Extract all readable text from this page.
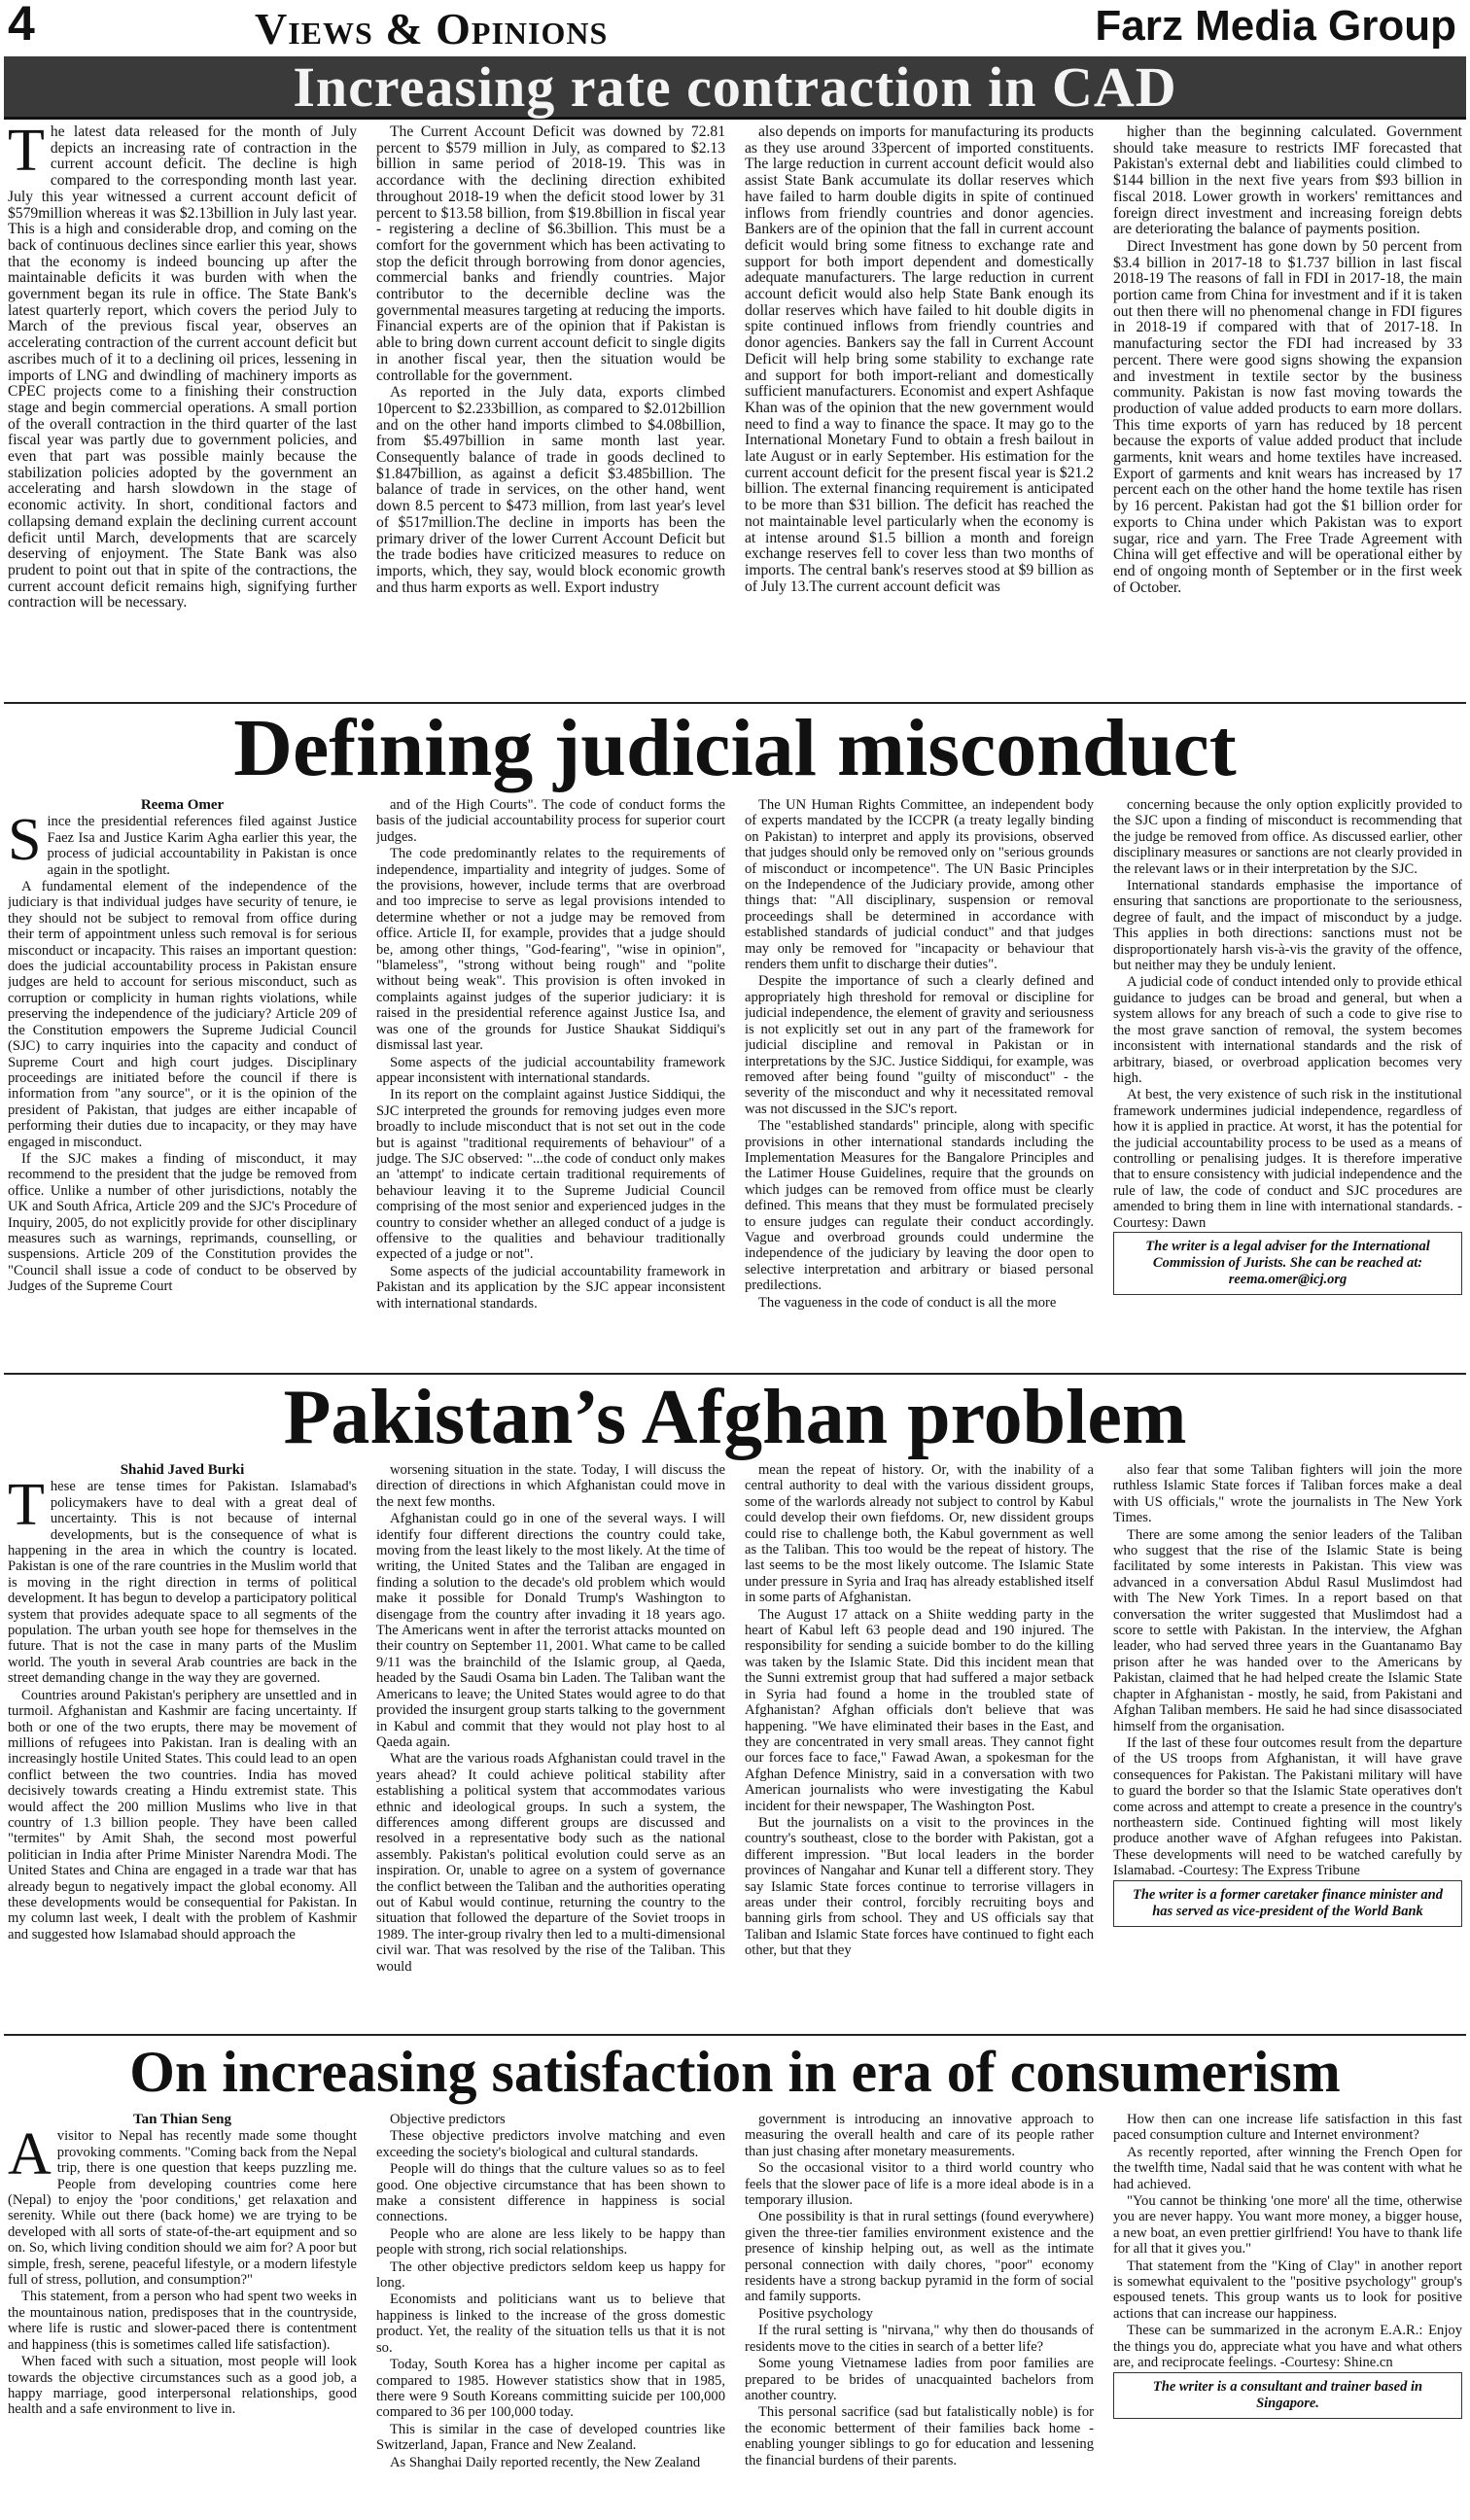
4	Views & Opinions	Farz Media Group
Increasing rate contraction in CAD

The latest data released for the month of July depicts an increasing rate of contraction in the current account deficit. The decline is high compared to the corresponding month last year. July this year witnessed a current account deficit of $579million whereas it was $2.13billion in July last year. This is a high and considerable drop, and coming on the back of continuous declines since earlier this year, shows that the economy is indeed bouncing up after the maintainable deficits it was burden with when the government began its rule in office. The State Bank's latest quarterly report, which covers the period July to March of the previous fiscal year, observes an accelerating contraction of the current account deficit but ascribes much of it to a declining oil prices, lessening in imports of LNG and dwindling of machinery imports as CPEC projects come to a finishing their construction stage and begin commercial operations. A small portion of the overall contraction in the third quarter of the last fiscal year was partly due to government policies, and even that part was possible mainly because the stabilization policies adopted by the government an accelerating and harsh slowdown in the stage of economic activity. In short, conditional factors and collapsing demand explain the declining current account deficit until March, developments that are scarcely deserving of enjoyment. The State Bank was also prudent to point out that in spite of the contractions, the current account deficit remains high, signifying further contraction will be necessary.

The Current Account Deficit was downed by 72.81 percent to $579 million in July, as compared to $2.13 billion in same period of 2018-19. This was in accordance with the declining direction exhibited throughout 2018-19 when the deficit stood lower by 31 percent to $13.58 billion, from $19.8billion in fiscal year - registering a decline of $6.3billion. This must be a comfort for the government which has been activating to stop the deficit through borrowing from donor agencies, commercial banks and friendly countries. Major contributor to the decernible decline was the governmental measures targeting at reducing the imports. Financial experts are of the opinion that if Pakistan is able to bring down current account deficit to single digits in another fiscal year, then the situation would be controllable for the government.

As reported in the July data, exports climbed 10percent to $2.233billion, as compared to $2.012billion and on the other hand imports climbed to $4.08billion, from $5.497billion in same month last year. Consequently balance of trade in goods declined to $1.847billion, as against a deficit $3.485billion. The balance of trade in services, on the other hand, went down 8.5 percent to $473 million, from last year's level of $517million.The decline in imports has been the primary driver of the lower Current Account Deficit but the trade bodies have criticized measures to reduce on imports, which, they say, would block economic growth and thus harm exports as well. Export industry

also depends on imports for manufacturing its products as they use around 33percent of imported constituents. The large reduction in current account deficit would also assist State Bank accumulate its dollar reserves which have failed to harm double digits in spite of continued inflows from friendly countries and donor agencies. Bankers are of the opinion that the fall in current account deficit would bring some fitness to exchange rate and support for both import dependent and domestically adequate manufacturers. The large reduction in current account deficit would also help State Bank enough its dollar reserves which have failed to hit double digits in spite continued inflows from friendly countries and donor agencies. Bankers say the fall in Current Account Deficit will help bring some stability to exchange rate and support for both import-reliant and domestically sufficient manufacturers. Economist and expert Ashfaque Khan was of the opinion that the new government would need to find a way to finance the space. It may go to the International Monetary Fund to obtain a fresh bailout in late August or in early September. His estimation for the current account deficit for the present fiscal year is $21.2 billion. The external financing requirement is anticipated to be more than $31 billion. The deficit has reached the not maintainable level particularly when the economy is at intense around $1.5 billion a month and foreign exchange reserves fell to cover less than two months of imports. The central bank's reserves stood at $9 billion as of July 13.The current account deficit was

higher than the beginning calculated. Government should take measure to restricts IMF forecasted that Pakistan's external debt and liabilities could climbed to $144 billion in the next five years from $93 billion in fiscal 2018. Lower growth in workers' remittances and foreign direct investment and increasing foreign debts are deteriorating the balance of payments position.

Direct Investment has gone down by 50 percent from $3.4 billion in 2017-18 to $1.737 billion in last fiscal 2018-19 The reasons of fall in FDI in 2017-18, the main portion came from China for investment and if it is taken out then there will no phenomenal change in FDI figures in 2018-19 if compared with that of 2017-18. In manufacturing sector the FDI had increased by 33 percent. There were good signs showing the expansion and investment in textile sector by the business community. Pakistan is now fast moving towards the production of value added products to earn more dollars. This time exports of yarn has reduced by 18 percent because the exports of value added product that include garments, knit wears and home textiles have increased. Export of garments and knit wears has increased by 17 percent each on the other hand the home textile has risen by 16 percent. Pakistan had got the $1 billion order for exports to China under which Pakistan was to export sugar, rice and yarn. The Free Trade Agreement with China will get effective and will be operational either by end of ongoing month of September or in the first week of October.

Defining judicial misconduct

Reema Omer

Since the presidential references filed against Justice Faez Isa and Justice Karim Agha earlier this year, the process of judicial accountability in Pakistan is once again in the spotlight.

A fundamental element of the independence of the judiciary is that individual judges have security of tenure, ie they should not be subject to removal from office during their term of appointment unless such removal is for serious misconduct or incapacity. This raises an important question: does the judicial accountability process in Pakistan ensure judges are held to account for serious misconduct, such as corruption or complicity in human rights violations, while preserving the independence of the judiciary? Article 209 of the Constitution empowers the Supreme Judicial Council (SJC) to carry inquiries into the capacity and conduct of Supreme Court and high court judges. Disciplinary proceedings are initiated before the council if there is information from "any source", or it is the opinion of the president of Pakistan, that judges are either incapable of performing their duties due to incapacity, or they may have engaged in misconduct.

If the SJC makes a finding of misconduct, it may recommend to the president that the judge be removed from office. Unlike a number of other jurisdictions, notably the UK and South Africa, Article 209 and the SJC's Procedure of Inquiry, 2005, do not explicitly provide for other disciplinary measures such as warnings, reprimands, counselling, or suspensions. Article 209 of the Constitution provides the "Council shall issue a code of conduct to be observed by Judges of the Supreme Court

and of the High Courts". The code of conduct forms the basis of the judicial accountability process for superior court judges.

The code predominantly relates to the requirements of independence, impartiality and integrity of judges. Some of the provisions, however, include terms that are overbroad and too imprecise to serve as legal provisions intended to determine whether or not a judge may be removed from office. Article II, for example, provides that a judge should be, among other things, "God-fearing", "wise in opinion", "blameless", "strong without being rough" and "polite without being weak". This provision is often invoked in complaints against judges of the superior judiciary: it is raised in the presidential reference against Justice Isa, and was one of the grounds for Justice Shaukat Siddiqui's dismissal last year.

Some aspects of the judicial accountability framework appear inconsistent with international standards.

In its report on the complaint against Justice Siddiqui, the SJC interpreted the grounds for removing judges even more broadly to include misconduct that is not set out in the code but is against "traditional requirements of behaviour" of a judge. The SJC observed: "...the code of conduct only makes an 'attempt' to indicate certain traditional requirements of behaviour leaving it to the Supreme Judicial Council comprising of the most senior and experienced judges in the country to consider whether an alleged conduct of a judge is offensive to the qualities and behaviour traditionally expected of a judge or not".

Some aspects of the judicial accountability framework in Pakistan and its application by the SJC appear inconsistent with international standards.

The UN Human Rights Committee, an independent body of experts mandated by the ICCPR (a treaty legally binding on Pakistan) to interpret and apply its provisions, observed that judges should only be removed only on "serious grounds of misconduct or incompetence". The UN Basic Principles on the Independence of the Judiciary provide, among other things that: "All disciplinary, suspension or removal proceedings shall be determined in accordance with established standards of judicial conduct" and that judges may only be removed for "incapacity or behaviour that renders them unfit to discharge their duties".

Despite the importance of such a clearly defined and appropriately high threshold for removal or discipline for judicial independence, the element of gravity and seriousness is not explicitly set out in any part of the framework for judicial discipline and removal in Pakistan or in interpretations by the SJC. Justice Siddiqui, for example, was removed after being found "guilty of misconduct" - the severity of the misconduct and why it necessitated removal was not discussed in the SJC's report.

The "established standards" principle, along with specific provisions in other international standards including the Implementation Measures for the Bangalore Principles and the Latimer House Guidelines, require that the grounds on which judges can be removed from office must be clearly defined. This means that they must be formulated precisely to ensure judges can regulate their conduct accordingly. Vague and overbroad grounds could undermine the independence of the judiciary by leaving the door open to selective interpretation and arbitrary or biased personal predilections.

The vagueness in the code of conduct is all the more

concerning because the only option explicitly provided to the SJC upon a finding of misconduct is recommending that the judge be removed from office. As discussed earlier, other disciplinary measures or sanctions are not clearly provided in the relevant laws or in their interpretation by the SJC.

International standards emphasise the importance of ensuring that sanctions are proportionate to the seriousness, degree of fault, and the impact of misconduct by a judge. This applies in both directions: sanctions must not be disproportionately harsh vis-à-vis the gravity of the offence, but neither may they be unduly lenient.

A judicial code of conduct intended only to provide ethical guidance to judges can be broad and general, but when a system allows for any breach of such a code to give rise to the most grave sanction of removal, the system becomes inconsistent with international standards and the risk of arbitrary, biased, or overbroad application becomes very high.

At best, the very existence of such risk in the institutional framework undermines judicial independence, regardless of how it is applied in practice. At worst, it has the potential for the judicial accountability process to be used as a means of controlling or penalising judges. It is therefore imperative that to ensure consistency with judicial independence and the rule of law, the code of conduct and SJC procedures are amended to bring them in line with international standards. -Courtesy: Dawn

The writer is a legal adviser for the International Commission of Jurists. She can be reached at: reema.omer@icj.org

Pakistan’s Afghan problem

Shahid Javed Burki

These are tense times for Pakistan. Islamabad's policymakers have to deal with a great deal of uncertainty. This is not because of internal developments, but is the consequence of what is happening in the area in which the country is located. Pakistan is one of the rare countries in the Muslim world that is moving in the right direction in terms of political development. It has begun to develop a participatory political system that provides adequate space to all segments of the population. The urban youth see hope for themselves in the future. That is not the case in many parts of the Muslim world. The youth in several Arab countries are back in the street demanding change in the way they are governed.

Countries around Pakistan's periphery are unsettled and in turmoil. Afghanistan and Kashmir are facing uncertainty. If both or one of the two erupts, there may be movement of millions of refugees into Pakistan. Iran is dealing with an increasingly hostile United States. This could lead to an open conflict between the two countries. India has moved decisively towards creating a Hindu extremist state. This would affect the 200 million Muslims who live in that country of 1.3 billion people. They have been called "termites" by Amit Shah, the second most powerful politician in India after Prime Minister Narendra Modi. The United States and China are engaged in a trade war that has already begun to negatively impact the global economy. All these developments would be consequential for Pakistan. In my column last week, I dealt with the problem of Kashmir and suggested how Islamabad should approach the

worsening situation in the state. Today, I will discuss the direction of directions in which Afghanistan could move in the next few months.

Afghanistan could go in one of the several ways. I will identify four different directions the country could take, moving from the least likely to the most likely. At the time of writing, the United States and the Taliban are engaged in finding a solution to the decade's old problem which would make it possible for Donald Trump's Washington to disengage from the country after invading it 18 years ago. The Americans went in after the terrorist attacks mounted on their country on September 11, 2001. What came to be called 9/11 was the brainchild of the Islamic group, al Qaeda, headed by the Saudi Osama bin Laden. The Taliban want the Americans to leave; the United States would agree to do that provided the insurgent group starts talking to the government in Kabul and commit that they would not play host to al Qaeda again.

What are the various roads Afghanistan could travel in the years ahead? It could achieve political stability after establishing a political system that accommodates various ethnic and ideological groups. In such a system, the differences among different groups are discussed and resolved in a representative body such as the national assembly. Pakistan's political evolution could serve as an inspiration. Or, unable to agree on a system of governance the conflict between the Taliban and the authorities operating out of Kabul would continue, returning the country to the situation that followed the departure of the Soviet troops in 1989. The inter-group rivalry then led to a multi-dimensional civil war. That was resolved by the rise of the Taliban. This would

mean the repeat of history. Or, with the inability of a central authority to deal with the various dissident groups, some of the warlords already not subject to control by Kabul could develop their own fiefdoms. Or, new dissident groups could rise to challenge both, the Kabul government as well as the Taliban. This too would be the repeat of history. The last seems to be the most likely outcome. The Islamic State under pressure in Syria and Iraq has already established itself in some parts of Afghanistan.

The August 17 attack on a Shiite wedding party in the heart of Kabul left 63 people dead and 190 injured. The responsibility for sending a suicide bomber to do the killing was taken by the Islamic State. Did this incident mean that the Sunni extremist group that had suffered a major setback in Syria had found a home in the troubled state of Afghanistan? Afghan officials don't believe that was happening. "We have eliminated their bases in the East, and they are concentrated in very small areas. They cannot fight our forces face to face," Fawad Awan, a spokesman for the Afghan Defence Ministry, said in a conversation with two American journalists who were investigating the Kabul incident for their newspaper, The Washington Post.

But the journalists on a visit to the provinces in the country's southeast, close to the border with Pakistan, got a different impression. "But local leaders in the border provinces of Nangahar and Kunar tell a different story. They say Islamic State forces continue to terrorise villagers in areas under their control, forcibly recruiting boys and banning girls from school. They and US officials say that Taliban and Islamic State forces have continued to fight each other, but that they

also fear that some Taliban fighters will join the more ruthless Islamic State forces if Taliban forces make a deal with US officials," wrote the journalists in The New York Times.

There are some among the senior leaders of the Taliban who suggest that the rise of the Islamic State is being facilitated by some interests in Pakistan. This view was advanced in a conversation Abdul Rasul Muslimdost had with The New York Times. In a report based on that conversation the writer suggested that Muslimdost had a score to settle with Pakistan. In the interview, the Afghan leader, who had served three years in the Guantanamo Bay prison after he was handed over to the Americans by Pakistan, claimed that he had helped create the Islamic State chapter in Afghanistan - mostly, he said, from Pakistani and Afghan Taliban members. He said he had since disassociated himself from the organisation.

If the last of these four outcomes result from the departure of the US troops from Afghanistan, it will have grave consequences for Pakistan. The Pakistani military will have to guard the border so that the Islamic State operatives don't come across and attempt to create a presence in the country's northeastern side. Continued fighting will most likely produce another wave of Afghan refugees into Pakistan. These developments will need to be watched carefully by Islamabad. -Courtesy: The Express Tribune

The writer is a former caretaker finance minister and has served as vice-president of the World Bank

On increasing satisfaction in era of consumerism

Tan Thian Seng

A visitor to Nepal has recently made some thought provoking comments. "Coming back from the Nepal trip, there is one question that keeps puzzling me. People from developing countries come here (Nepal) to enjoy the 'poor conditions,' get relaxation and serenity. While out there (back home) we are trying to be developed with all sorts of state-of-the-art equipment and so on. So, which living condition should we aim for? A poor but simple, fresh, serene, peaceful lifestyle, or a modern lifestyle full of stress, pollution, and consumption?"

This statement, from a person who had spent two weeks in the mountainous nation, predisposes that in the countryside, where life is rustic and slower-paced there is contentment and happiness (this is sometimes called life satisfaction).

When faced with such a situation, most people will look towards the objective circumstances such as a good job, a happy marriage, good interpersonal relationships, good health and a safe environment to live in.

Objective predictors

These objective predictors involve matching and even exceeding the society's biological and cultural standards.

People will do things that the culture values so as to feel good. One objective circumstance that has been shown to make a consistent difference in happiness is social connections.

People who are alone are less likely to be happy than people with strong, rich social relationships.

The other objective predictors seldom keep us happy for long.

Economists and politicians want us to believe that happiness is linked to the increase of the gross domestic product. Yet, the reality of the situation tells us that it is not so.

Today, South Korea has a higher income per capital as compared to 1985. However statistics show that in 1985, there were 9 South Koreans committing suicide per 100,000 compared to 36 per 100,000 today.

This is similar in the case of developed countries like Switzerland, Japan, France and New Zealand.

As Shanghai Daily reported recently, the New Zealand

government is introducing an innovative approach to measuring the overall health and care of its people rather than just chasing after monetary measurements.

So the occasional visitor to a third world country who feels that the slower pace of life is a more ideal abode is in a temporary illusion.

One possibility is that in rural settings (found everywhere) given the three-tier families environment existence and the presence of kinship helping out, as well as the intimate personal connection with daily chores, "poor" economy residents have a strong backup pyramid in the form of social and family supports.

Positive psychology

If the rural setting is "nirvana," why then do thousands of residents move to the cities in search of a better life?

Some young Vietnamese ladies from poor families are prepared to be brides of unacquainted bachelors from another country.

This personal sacrifice (sad but fatalistically noble) is for the economic betterment of their families back home - enabling younger siblings to go for education and lessening the financial burdens of their parents.

How then can one increase life satisfaction in this fast paced consumption culture and Internet environment?

As recently reported, after winning the French Open for the twelfth time, Nadal said that he was content with what he had achieved.

"You cannot be thinking 'one more' all the time, otherwise you are never happy. You want more money, a bigger house, a new boat, an even prettier girlfriend! You have to thank life for all that it gives you."

That statement from the "King of Clay" in another report is somewhat equivalent to the "positive psychology" group's espoused tenets. This group wants us to look for positive actions that can increase our happiness.

These can be summarized in the acronym E.A.R.: Enjoy the things you do, appreciate what you have and what others are, and reciprocate feelings. -Courtesy: Shine.cn

The writer is a consultant and trainer based in Singapore.
